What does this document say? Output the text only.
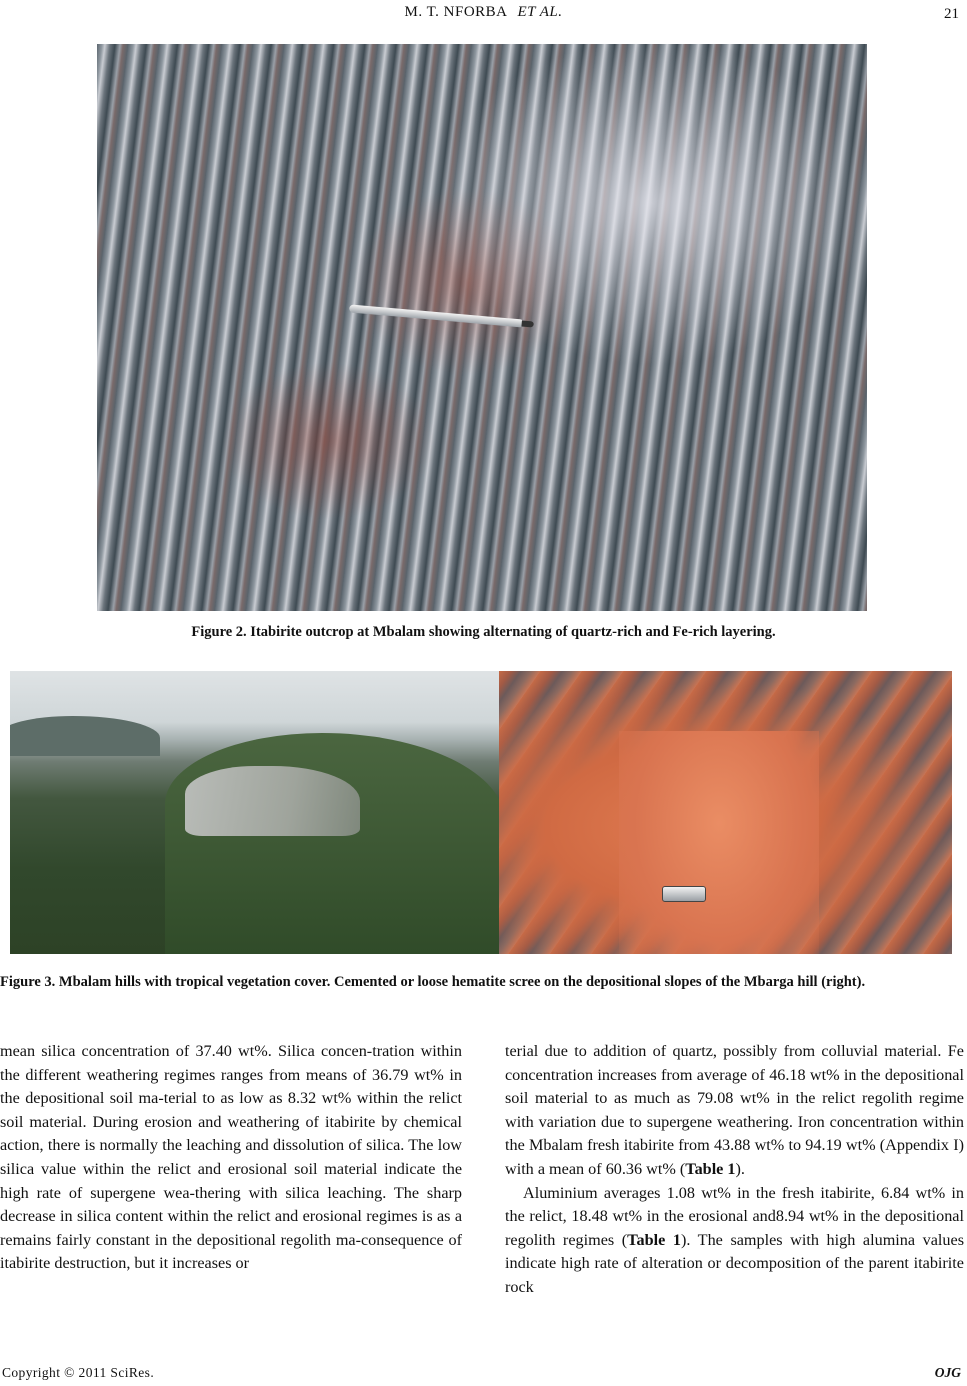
M. T. NFORBA ET AL.	21
Figure 2. Itabirite outcrop at Mbalam showing alternating of quartz-rich and Fe-rich layering.
Figure 3. Mbalam hills with tropical vegetation cover. Cemented or loose hematite scree on the depositional slopes of the Mbarga hill (right).

mean silica concentration of 37.40 wt%. Silica concen-tration within the different weathering regimes ranges from means of 36.79 wt% in the depositional soil ma-terial to as low as 8.32 wt% within the relict soil material. During erosion and weathering of itabirite by chemical action, there is normally the leaching and dissolution of silica. The low silica value within the relict and erosional soil material indicate the high rate of supergene wea-thering with silica leaching. The sharp decrease in silica content within the relict and erosional regimes is as a remains fairly constant in the depositional regolith ma-consequence of itabirite destruction, but it increases or

terial due to addition of quartz, possibly from colluvial material. Fe concentration increases from average of 46.18 wt% in the depositional soil material to as much as 79.08 wt% in the relict regolith regime with variation due to supergene weathering. Iron concentration within the Mbalam fresh itabirite from 43.88 wt% to 94.19 wt% (Appendix I) with a mean of 60.36 wt% (Table 1).

Aluminium averages 1.08 wt% in the fresh itabirite, 6.84 wt% in the relict, 18.48 wt% in the erosional and8.94 wt% in the depositional regolith regimes (Table 1). The samples with high alumina values indicate high rate of alteration or decomposition of the parent itabirite rock

Copyright © 2011 SciRes.	OJG
